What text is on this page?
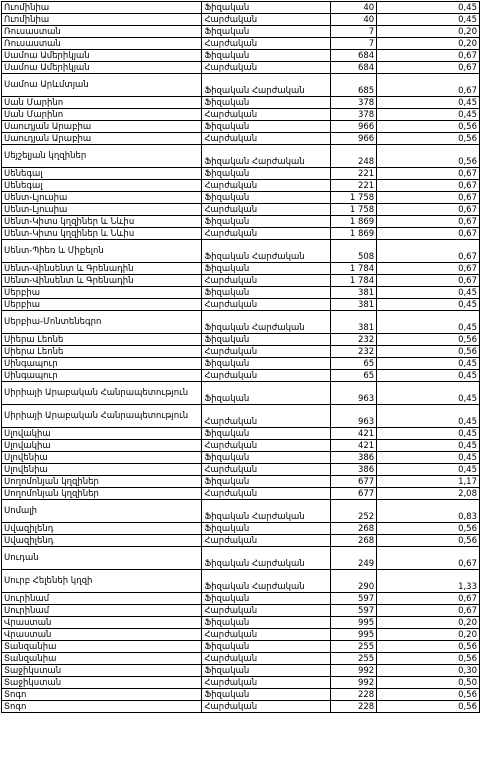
Ուոմինիա	Ֆիզական	40	0,45
Ուոմինիա	Հարժական	40	0,45
Ռուսաստան	Ֆիզական	7	0,20
Ռուսաստան	Հարժական	7	0,20
Սամոա Ամերիկյան	Ֆիզական	684	0,67
Սամոա Ամերիկյան	Հարժական	684	0,67
Սամոա Արևմտյան	Ֆիզական Հարժական	685	0,67
Սան Մարինո	Ֆիզական	378	0,45
Սան Մարինո	Հարժական	378	0,45
Սաուդյան Արաբիա	Ֆիզական	966	0,56
Սաուդյան Արաբիա	Հարժական	966	0,56
Սեյշելյան կղզիներ	Ֆիզական Հարժական	248	0,56
Սենեգալ	Ֆիզական	221	0,67
Սենեգալ	Հարժական	221	0,67
Սենտ-Լյուսիա	Ֆիզական	1 758	0,67
Սենտ-Լյուսիա	Հարժական	1 758	0,67
Սենտ-Կիտս կղզիներ և Նևիս	Ֆիզական	1 869	0,67
Սենտ-Կիտս կղզիներ և Նևիս	Հարժական	1 869	0,67
Սենտ-Պիեռ և Միքելոն	Ֆիզական Հարժական	508	0,67
Սենտ-Վինսենտ և Գրենադին	Ֆիզական	1 784	0,67
Սենտ-Վինսենտ և Գրենադին	Հարժական	1 784	0,67
Սերբիա	Ֆիզական	381	0,45
Սերբիա	Հարժական	381	0,45
Սերբիա-Մոնտենեգրո	Ֆիզական Հարժական	381	0,45
Սիերա Լեոնե	Ֆիզական	232	0,56
Սիերա Լեոնե	Հարժական	232	0,56
Սինգապուր	Ֆիզական	65	0,45
Սինգապուր	Հարժական	65	0,45
Սիրիայի Արաբական Հանրապետություն	Ֆիզական	963	0,45
Սիրիայի Արաբական Հանրապետություն	Հարժական	963	0,45
Սլովակիա	Ֆիզական	421	0,45
Սլովակիա	Հարժական	421	0,45
Սլովենիա	Ֆիզական	386	0,45
Սլովենիա	Հարժական	386	0,45
Սողոմոնյան կղզիներ	Ֆիզական	677	1,17
Սողոմոնյան կղզիներ	Հարժական	677	2,08
Սոմալի	Ֆիզական Հարժական	252	0,83
Սվազիլենդ	Ֆիզական	268	0,56
Սվազիլենդ	Հարժական	268	0,56
Սուդան	Ֆիզական Հարժական	249	0,67
Սուրբ Հելենեի կղզի	Ֆիզական Հարժական	290	1,33
Սուրինամ	Ֆիզական	597	0,67
Սուրինամ	Հարժական	597	0,67
Վրաստան	Ֆիզական	995	0,20
Վրաստան	Հարժական	995	0,20
Տանզանիա	Ֆիզական	255	0,56
Տանզանիա	Հարժական	255	0,56
Տաջիկստան	Ֆիզական	992	0,30
Տաջիկստան	Հարժական	992	0,50
Տոգո	Ֆիզական	228	0,56
Տոգո	Հարժական	228	0,56
